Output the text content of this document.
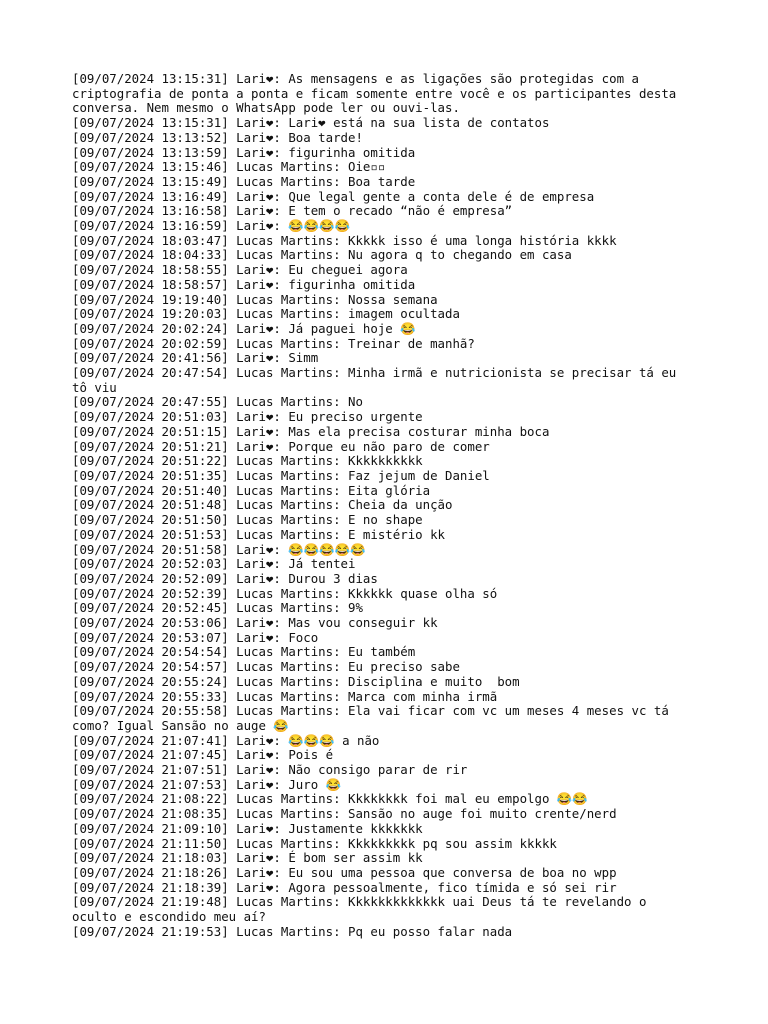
[09/07/2024 13:15:31] Lari❤: As mensagens e as ligações são protegidas com a criptografia de ponta a ponta e ficam somente entre você e os participantes desta conversa. Nem mesmo o WhatsApp pode ler ou ouvi-las.
[09/07/2024 13:15:31] Lari❤: Lari❤ está na sua lista de contatos
[09/07/2024 13:13:52] Lari❤: Boa tarde!
[09/07/2024 13:13:59] Lari❤: figurinha omitida
[09/07/2024 13:15:46] Lucas Martins: Oie▫▫
[09/07/2024 13:15:49] Lucas Martins: Boa tarde
[09/07/2024 13:16:49] Lari❤: Que legal gente a conta dele é de empresa
[09/07/2024 13:16:58] Lari❤: E tem o recado “não é empresa”
[09/07/2024 13:16:59] Lari❤: 😂😂😂😂
[09/07/2024 18:03:47] Lucas Martins: Kkkkk isso é uma longa história kkkk
[09/07/2024 18:04:33] Lucas Martins: Nu agora q to chegando em casa
[09/07/2024 18:58:55] Lari❤: Eu cheguei agora
[09/07/2024 18:58:57] Lari❤: figurinha omitida
[09/07/2024 19:19:40] Lucas Martins: Nossa semana
[09/07/2024 19:20:03] Lucas Martins: imagem ocultada
[09/07/2024 20:02:24] Lari❤: Já paguei hoje 😂
[09/07/2024 20:02:59] Lucas Martins: Treinar de manhã?
[09/07/2024 20:41:56] Lari❤: Simm
[09/07/2024 20:47:54] Lucas Martins: Minha irmã e nutricionista se precisar tá eu tô viu
[09/07/2024 20:47:55] Lucas Martins: No
[09/07/2024 20:51:03] Lari❤: Eu preciso urgente
[09/07/2024 20:51:15] Lari❤: Mas ela precisa costurar minha boca
[09/07/2024 20:51:21] Lari❤: Porque eu não paro de comer
[09/07/2024 20:51:22] Lucas Martins: Kkkkkkkkkk
[09/07/2024 20:51:35] Lucas Martins: Faz jejum de Daniel
[09/07/2024 20:51:40] Lucas Martins: Eita glória
[09/07/2024 20:51:48] Lucas Martins: Cheia da unção
[09/07/2024 20:51:50] Lucas Martins: E no shape
[09/07/2024 20:51:53] Lucas Martins: E mistério kk
[09/07/2024 20:51:58] Lari❤: 😂😂😂😂😂
[09/07/2024 20:52:03] Lari❤: Já tentei
[09/07/2024 20:52:09] Lari❤: Durou 3 dias
[09/07/2024 20:52:39] Lucas Martins: Kkkkkk quase olha só
[09/07/2024 20:52:45] Lucas Martins: 9%
[09/07/2024 20:53:06] Lari❤: Mas vou conseguir kk
[09/07/2024 20:53:07] Lari❤: Foco
[09/07/2024 20:54:54] Lucas Martins: Eu também
[09/07/2024 20:54:57] Lucas Martins: Eu preciso sabe
[09/07/2024 20:55:24] Lucas Martins: Disciplina e muito  bom
[09/07/2024 20:55:33] Lucas Martins: Marca com minha irmã
[09/07/2024 20:55:58] Lucas Martins: Ela vai ficar com vc um meses 4 meses vc tá como? Igual Sansão no auge 😂
[09/07/2024 21:07:41] Lari❤: 😂😂😂 a não
[09/07/2024 21:07:45] Lari❤: Pois é
[09/07/2024 21:07:51] Lari❤: Não consigo parar de rir
[09/07/2024 21:07:53] Lari❤: Juro 😂
[09/07/2024 21:08:22] Lucas Martins: Kkkkkkkk foi mal eu empolgo 😂😂
[09/07/2024 21:08:35] Lucas Martins: Sansão no auge foi muito crente/nerd
[09/07/2024 21:09:10] Lari❤: Justamente kkkkkkk
[09/07/2024 21:11:50] Lucas Martins: Kkkkkkkkk pq sou assim kkkkk
[09/07/2024 21:18:03] Lari❤: É bom ser assim kk
[09/07/2024 21:18:26] Lari❤: Eu sou uma pessoa que conversa de boa no wpp
[09/07/2024 21:18:39] Lari❤: Agora pessoalmente, fico tímida e só sei rir
[09/07/2024 21:19:48] Lucas Martins: Kkkkkkkkkkkkk uai Deus tá te revelando o oculto e escondido meu aí?
[09/07/2024 21:19:53] Lucas Martins: Pq eu posso falar nada
